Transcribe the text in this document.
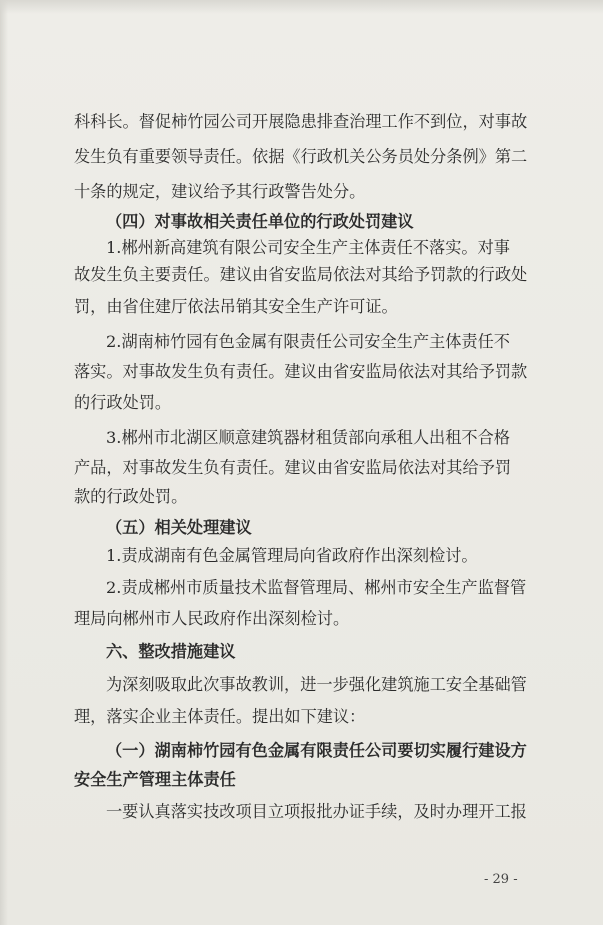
科科长。督促柿竹园公司开展隐患排查治理工作不到位，对事故
发生负有重要领导责任。依据《行政机关公务员处分条例》第二
十条的规定，建议给予其行政警告处分。
（四）对事故相关责任单位的行政处罚建议
1.郴州新高建筑有限公司安全生产主体责任不落实。对事
故发生负主要责任。建议由省安监局依法对其给予罚款的行政处
罚，由省住建厅依法吊销其安全生产许可证。
2.湖南柿竹园有色金属有限责任公司安全生产主体责任不
落实。对事故发生负有责任。建议由省安监局依法对其给予罚款
的行政处罚。
3.郴州市北湖区顺意建筑器材租赁部向承租人出租不合格
产品，对事故发生负有责任。建议由省安监局依法对其给予罚
款的行政处罚。
（五）相关处理建议
1.责成湖南有色金属管理局向省政府作出深刻检讨。
2.责成郴州市质量技术监督管理局、郴州市安全生产监督管
理局向郴州市人民政府作出深刻检讨。
六、整改措施建议
为深刻吸取此次事故教训，进一步强化建筑施工安全基础管
理，落实企业主体责任。提出如下建议：
（一）湖南柿竹园有色金属有限责任公司要切实履行建设方
安全生产管理主体责任
一要认真落实技改项目立项报批办证手续，及时办理开工报
- 29 -
